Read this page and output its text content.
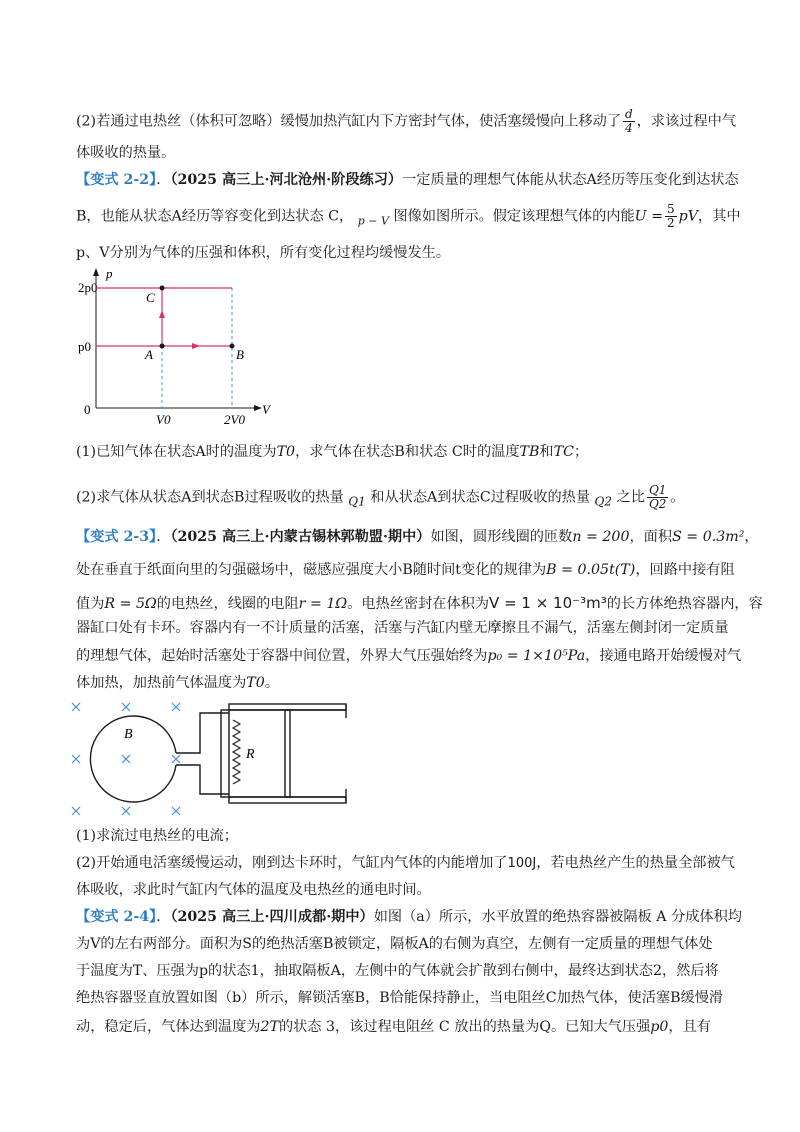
(2)若通过电热丝（体积可忽略）缓慢加热汽缸内下方密封气体，使活塞缓慢向上移动了 $\frac{d}{4}$ ，求该过程中气
体吸收的热量。
【变式 2-2】．（2025 高三上·河北沧州·阶段练习）一定质量的理想气体能从状态A经历等压变化到达状态
B，也能从状态A经历等容变化到达状态 C， $_{p - V}$ 图像如图所示。假定该理想气体的内能$U = \frac{5}{2}$ pV，其中
p、V分别为气体的压强和体积，所有变化过程均缓慢发生。
p
V
2p0
p0
0
V0	2V0
C
A	B
(1)已知气体在状态A时的温度为T0，求气体在状态B和状态 C时的温度TB和TC；
(2)求气体从状态A到状态B过程吸收的热量 $_{Q1}$ 和从状态A到状态C过程吸收的热量 $_{Q2}$ 之比 $\frac{Q1}{Q2}$ 。
【变式 2-3】．（2025 高三上·内蒙古锡林郭勒盟·期中）如图，圆形线圈的匝数n = 200，面积S = 0.3m²，
处在垂直于纸面向里的匀强磁场中，磁感应强度大小B随时间t变化的规律为B = 0.05t(T)，回路中接有阻
值为R = 5Ω的电热丝，线圈的电阻r = 1Ω。电热丝密封在体积为V = 1 × 10⁻³m³的长方体绝热容器内，容
器缸口处有卡环。容器内有一不计质量的活塞，活塞与汽缸内壁无摩擦且不漏气，活塞左侧封闭一定质量
的理想气体，起始时活塞处于容器中间位置，外界大气压强始终为p₀ = 1×10⁵Pa，接通电路开始缓慢对气
体加热，加热前气体温度为T0。
B
R
(1)求流过电热丝的电流；
(2)开始通电活塞缓慢运动，刚到达卡环时，气缸内气体的内能增加了100J，若电热丝产生的热量全部被气
体吸收，求此时气缸内气体的温度及电热丝的通电时间。
【变式 2-4】．（2025 高三上·四川成都·期中）如图（a）所示，水平放置的绝热容器被隔板 A 分成体积均
为V的左右两部分。面积为S的绝热活塞B被锁定，隔板A的右侧为真空，左侧有一定质量的理想气体处
于温度为T、压强为p的状态1，抽取隔板A，左侧中的气体就会扩散到右侧中，最终达到状态2，然后将
绝热容器竖直放置如图（b）所示，解锁活塞B，B恰能保持静止，当电阻丝C加热气体，使活塞B缓慢滑
动，稳定后，气体达到温度为2T的状态 3，该过程电阻丝 C 放出的热量为Q。已知大气压强p0，且有
